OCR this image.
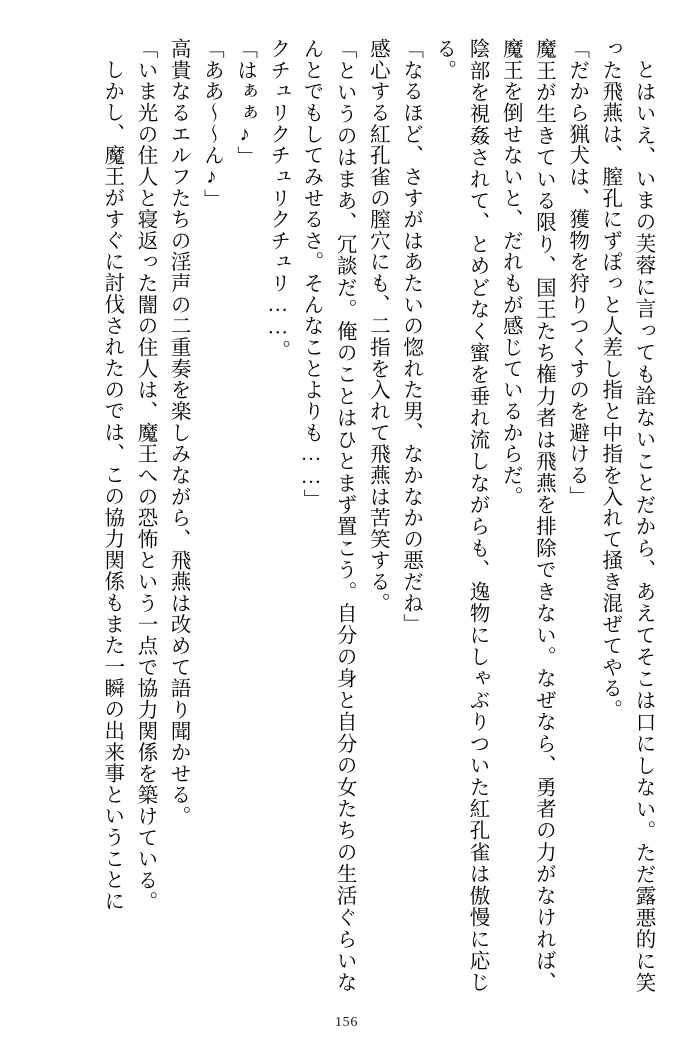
とはいえ、いまの芙蓉に言っても詮ないことだから、あえてそこは口にしない。ただ露悪的に笑った飛燕は、膣孔にずぽっと人差し指と中指を入れて掻き混ぜてやる。

「だから猟犬は、獲物を狩りつくすのを避ける」

魔王が生きている限り、国王たち権力者は飛燕を排除できない。なぜなら、勇者の力がなければ、魔王を倒せないと、だれもが感じているからだ。

陰部を視姦されて、とめどなく蜜を垂れ流しながらも、逸物にしゃぶりついた紅孔雀は傲慢に応じる。

「なるほど、さすがはあたいの惚れた男、なかなかの悪だね」

感心する紅孔雀の膣穴にも、二指を入れて飛燕は苦笑する。

「というのはまあ、冗談だ。俺のことはひとまず置こう。自分の身と自分の女たちの生活ぐらいなんとでもしてみせるさ。そんなことよりも……」

クチュリクチュリクチュリ……。

「はぁぁ♪」

「ああ〜〜ん♪」

高貴なるエルフたちの淫声の二重奏を楽しみながら、飛燕は改めて語り聞かせる。

「いま光の住人と寝返った闇の住人は、魔王への恐怖という一点で協力関係を築けている。

しかし、魔王がすぐに討伐されたのでは、この協力関係もまた一瞬の出来事ということに

156
